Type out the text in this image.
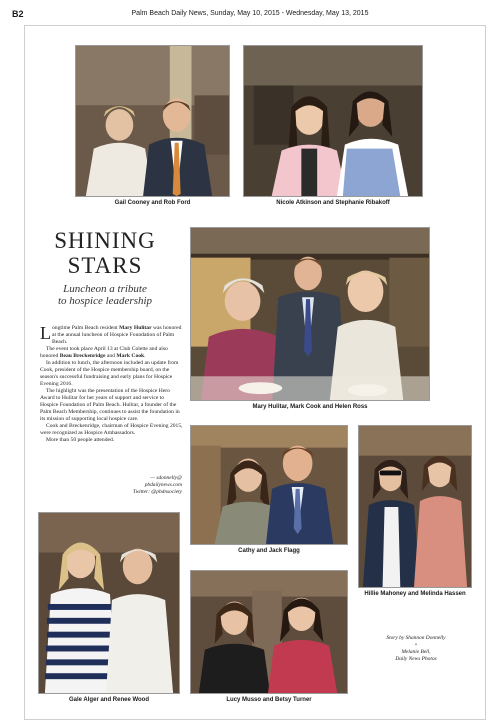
B2	Palm Beach Daily News, Sunday, May 10, 2015 - Wednesday, May 13, 2015
Gail Cooney and Rob Ford	Nicole Atkinson and Stephanie Ribakoff
SHINING
STARS
Luncheon a tribute
to hospice leadership
Mary Hulitar, Mark Cook and Helen Ross

Longtime Palm Beach resident Mary Hulitar was honored at the annual luncheon of Hospice Foundation of Palm Beach.

The event took place April 13 at Club Colette and also honored Beau Breckenridge and Mark Cook.

In addition to lunch, the afternoon included an update from Cook, president of the Hospice membership board, on the season's successful fundraising and early plans for Hospice Evening 2016.

The highlight was the presentation of the Hospice Hero Award to Hulitar for her years of support and service to Hospice Foundation of Palm Beach. Hulitar, a founder of the Palm Beach Membership, continues to assist the foundation in its mission of supporting local hospice care.

Cook and Breckenridge, chairman of Hospice Evening 2015, were recognized as Hospice Ambassadors.

More than 50 people attended.

— sdonnelly@
pbdailynews.com
Twitter: @pbdnsociety
Cathy and Jack Flagg
Hillie Mahoney and Melinda Hassen
Gale Alger and Renee Wood	Lucy Musso and Betsy Turner
Story by Shannon Donnelly
•
Melanie Bell,
Daily News Photos
